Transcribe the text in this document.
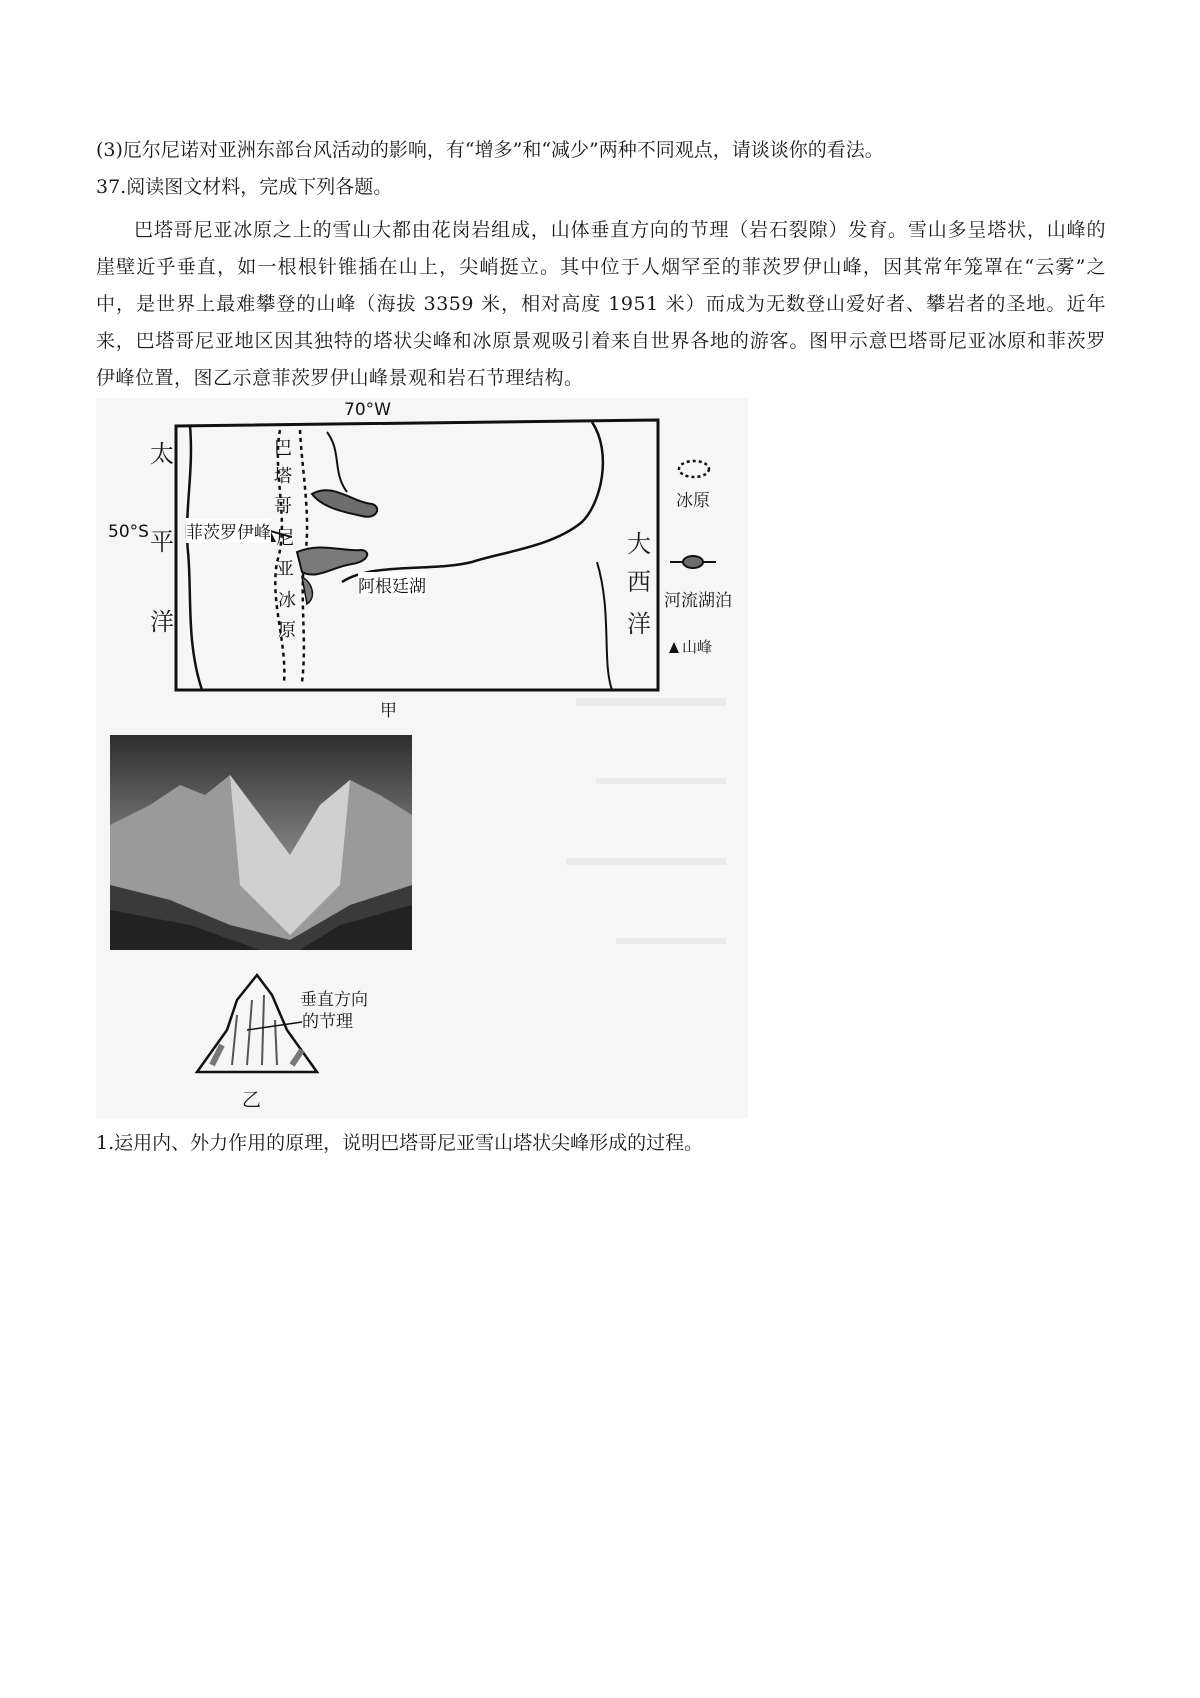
(3)厄尔尼诺对亚洲东部台风活动的影响，有“增多”和“减少”两种不同观点，请谈谈你的看法。

37.阅读图文材料，完成下列各题。

巴塔哥尼亚冰原之上的雪山大都由花岗岩组成，山体垂直方向的节理（岩石裂隙）发育。雪山多呈塔状，山峰的崖壁近乎垂直，如一根根针锥插在山上，尖峭挺立。其中位于人烟罕至的菲茨罗伊山峰，因其常年笼罩在“云雾”之中，是世界上最难攀登的山峰（海拔 3359 米，相对高度 1951 米）而成为无数登山爱好者、攀岩者的圣地。近年来，巴塔哥尼亚地区因其独特的塔状尖峰和冰原景观吸引着来自世界各地的游客。图甲示意巴塔哥尼亚冰原和菲茨罗伊峰位置，图乙示意菲茨罗伊山峰景观和岩石节理结构。

70°W
太
平
洋
大
西
洋
巴
塔
哥
尼
亚
冰
原
菲茨罗伊峰
阿根廷湖
甲
50°S
冰原
河流湖泊
山峰
垂直方向
的节理
乙

1.运用内、外力作用的原理，说明巴塔哥尼亚雪山塔状尖峰形成的过程。
